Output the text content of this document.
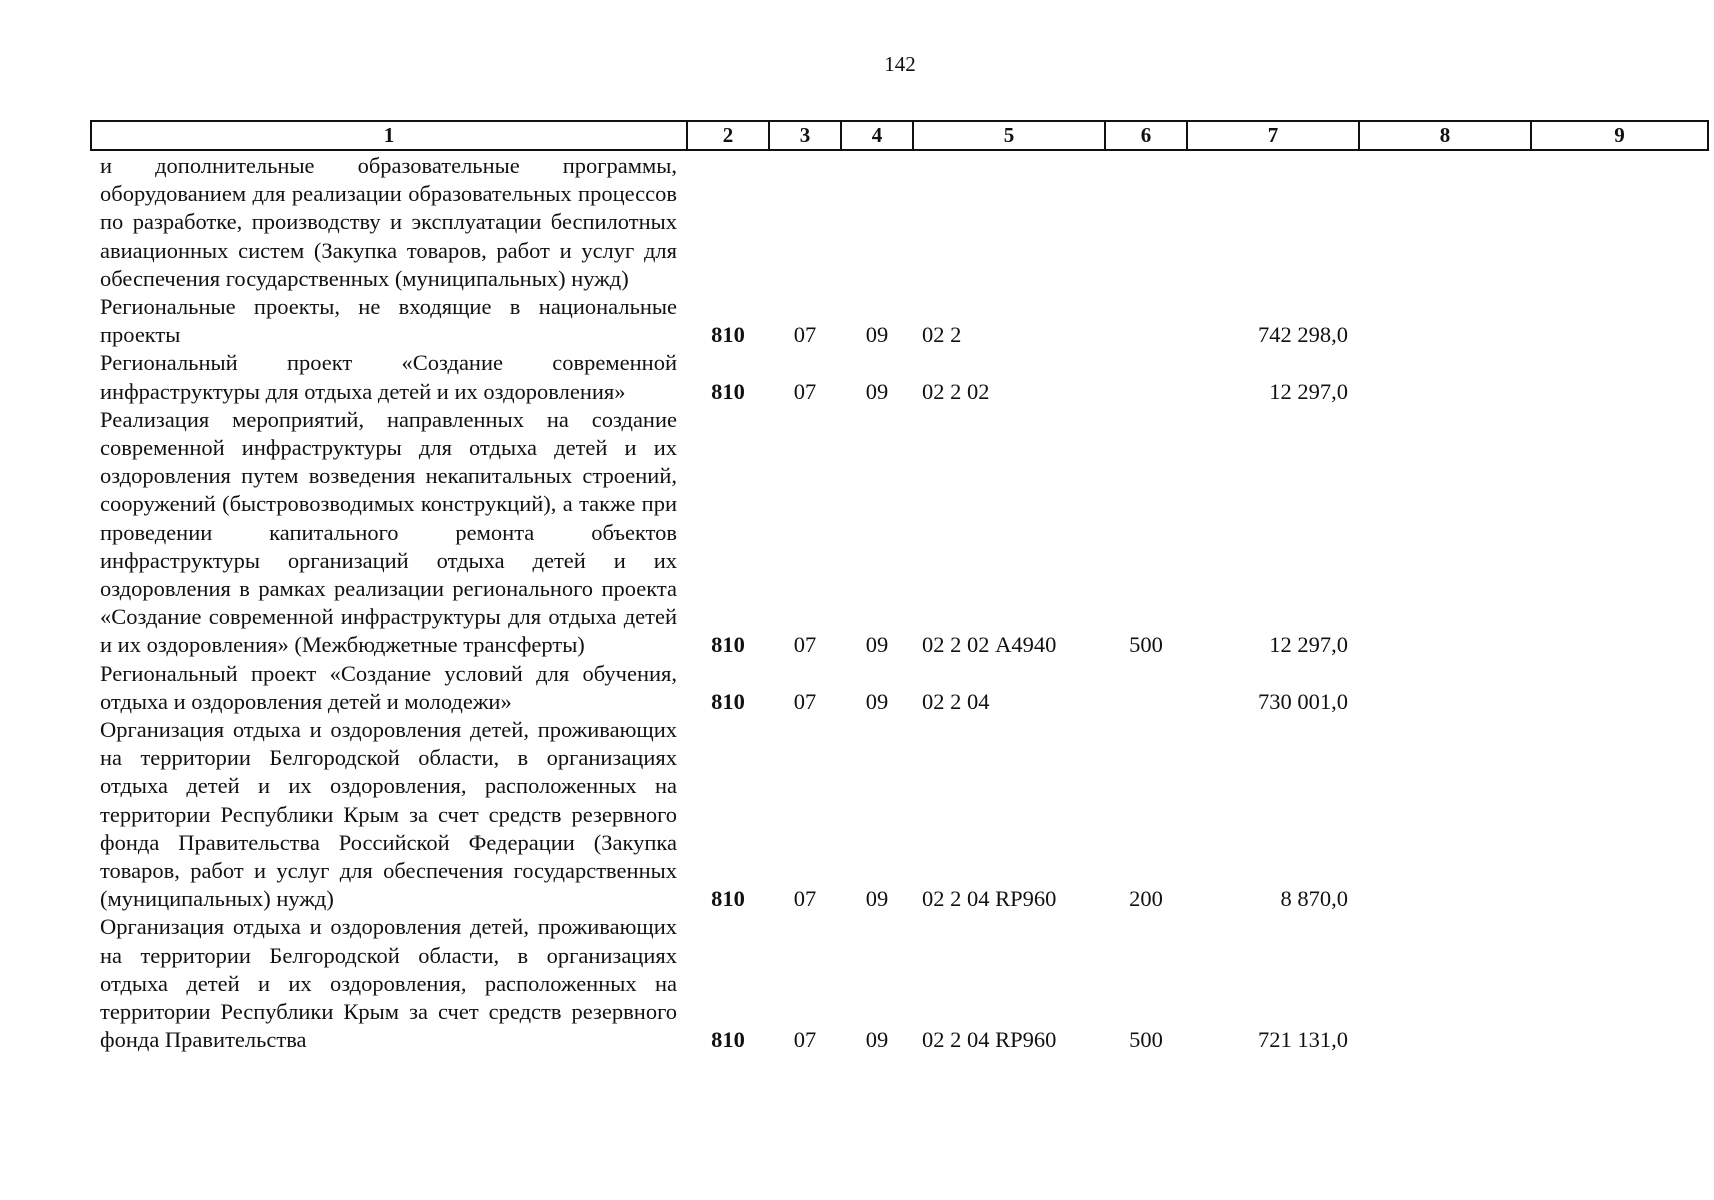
142
1	2	3	4	5	6	7	8	9

и дополнительные образовательные программы, оборудованием для реализации образовательных процессов по разработке, производству и эксплуатации беспилотных авиационных систем (Закупка товаров, работ и услуг для обеспечения государственных (муниципальных) нужд)								
Региональные проекты, не входящие в национальные проекты	810	07	09	02 2		742 298,0		
Региональный проект «Создание современной инфраструктуры для отдыха детей и их оздоровления»	810	07	09	02 2 02		12 297,0		
Реализация мероприятий, направленных на создание современной инфраструктуры для отдыха детей и их оздоровления путем возведения некапитальных строений, сооружений (быстровозводимых конструкций), а также при проведении капитального ремонта объектов инфраструктуры организаций отдыха детей и их оздоровления в рамках реализации регионального проекта «Создание современной инфраструктуры для отдыха детей и их оздоровления» (Межбюджетные трансферты)	810	07	09	02 2 02 А4940	500	12 297,0		
Региональный проект «Создание условий для обучения, отдыха и оздоровления детей и молодежи»	810	07	09	02 2 04		730 001,0		
Организация отдыха и оздоровления детей, проживающих на территории Белгородской области, в организациях отдыха детей и их оздоровления, расположенных на территории Республики Крым за счет средств резервного фонда Правительства Российской Федерации (Закупка товаров, работ и услуг для обеспечения государственных (муниципальных) нужд)	810	07	09	02 2 04 RP960	200	8 870,0		
Организация отдыха и оздоровления детей, проживающих на территории Белгородской области, в организациях отдыха детей и их оздоровления, расположенных на территории Республики Крым за счет средств резервного фонда Правительства	810	07	09	02 2 04 RP960	500	721 131,0		
